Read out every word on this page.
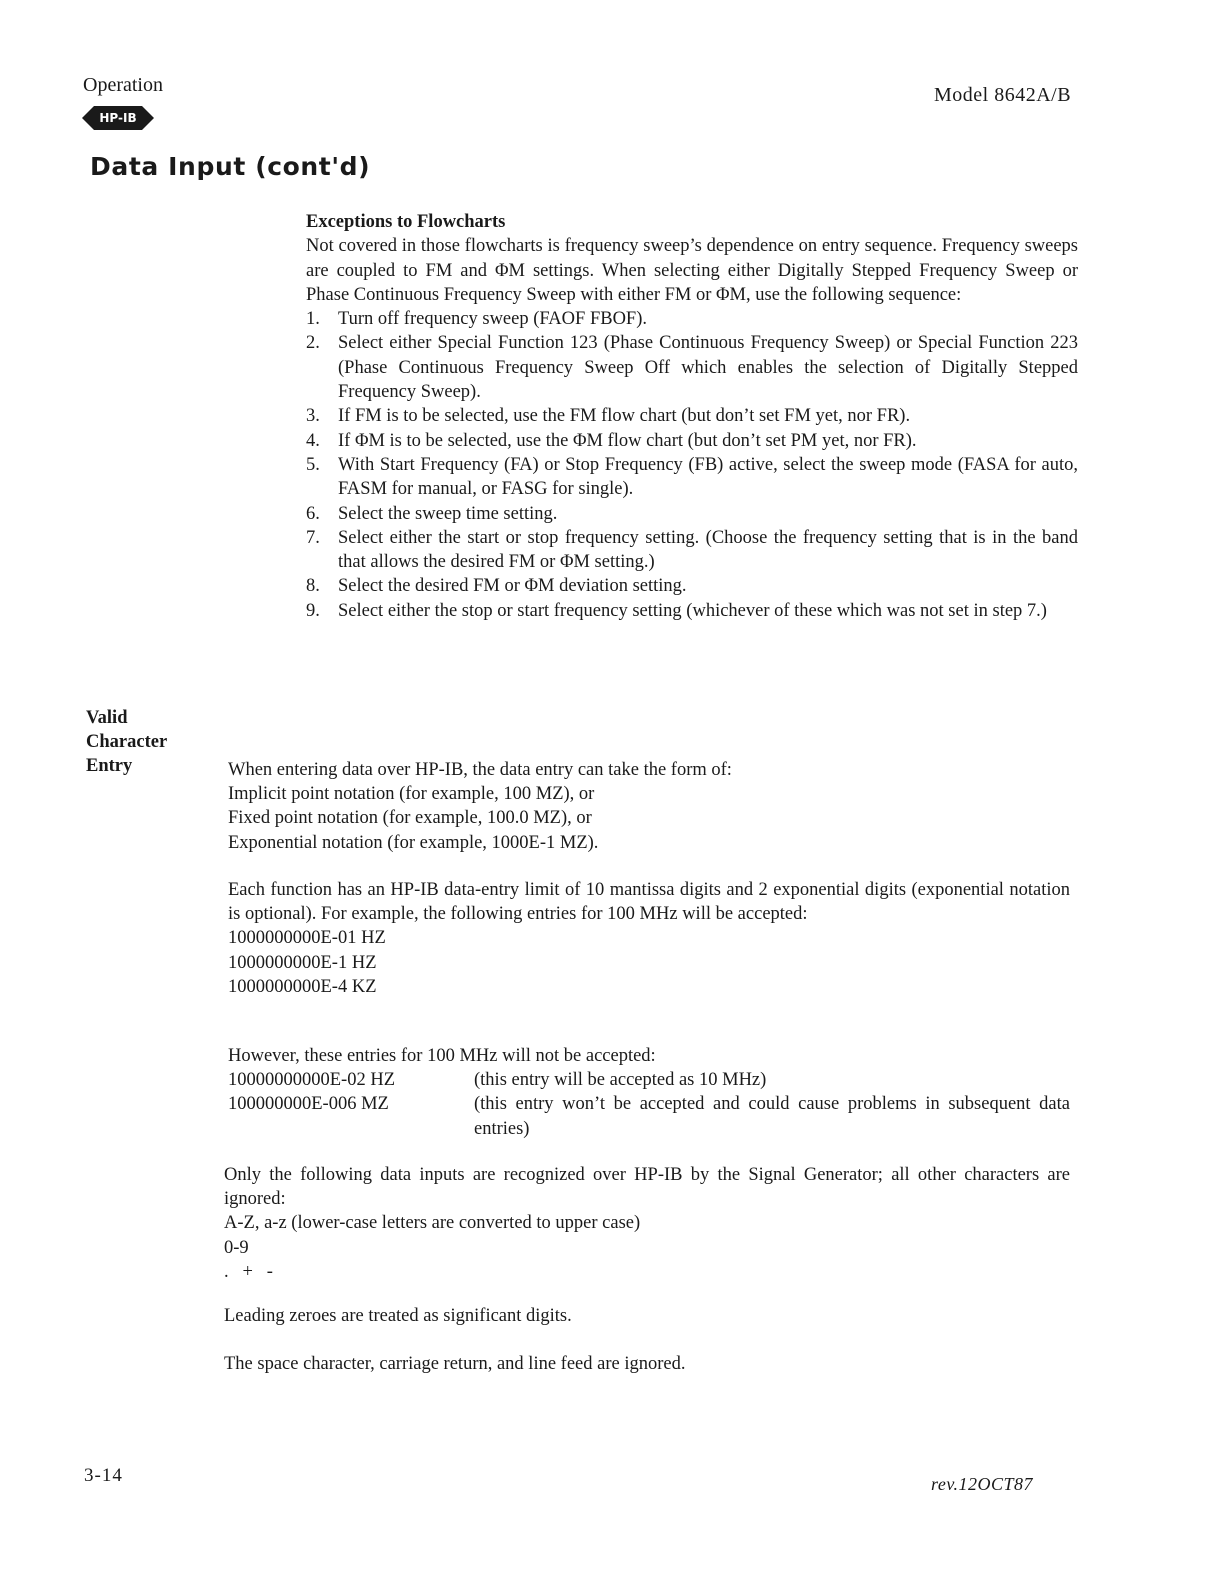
Operation	Model 8642A/B
HP-IB
Data Input (cont'd)
Exceptions to Flowcharts

Not covered in those flowcharts is frequency sweep’s dependence on entry sequence. Frequency sweeps are coupled to FM and ΦM settings. When selecting either Digitally Stepped Frequency Sweep or Phase Continuous Frequency Sweep with either FM or ΦM, use the following sequence:

1. Turn off frequency sweep (FAOF FBOF).
2. Select either Special Function 123 (Phase Continuous Frequency Sweep) or Special Function 223 (Phase Continuous Frequency Sweep Off which enables the selection of Digitally Stepped Frequency Sweep).
3. If FM is to be selected, use the FM flow chart (but don’t set FM yet, nor FR).
4. If ΦM is to be selected, use the ΦM flow chart (but don’t set PM yet, nor FR).
5. With Start Frequency (FA) or Stop Frequency (FB) active, select the sweep mode (FASA for auto, FASM for manual, or FASG for single).
6. Select the sweep time setting.
7. Select either the start or stop frequency setting. (Choose the frequency setting that is in the band that allows the desired FM or ΦM setting.)
8. Select the desired FM or ΦM deviation setting.
9. Select either the stop or start frequency setting (whichever of these which was not set in step 7.)
Valid
Character
Entry	When entering data over HP-IB, the data entry can take the form of:

Implicit point notation (for example, 100 MZ), or

Fixed point notation (for example, 100.0 MZ), or

Exponential notation (for example, 1000E-1 MZ).

Each function has an HP-IB data-entry limit of 10 mantissa digits and 2 exponential digits (exponential notation is optional). For example, the following entries for 100 MHz will be accepted:

1000000000E-01 HZ

1000000000E-1 HZ

1000000000E-4 KZ

However, these entries for 100 MHz will not be accepted:

10000000000E-02 HZ	(this entry will be accepted as 10 MHz)
100000000E-006 MZ	(this entry won’t be accepted and could cause problems in subsequent data entries)

Only the following data inputs are recognized over HP-IB by the Signal Generator; all other characters are ignored:

A-Z, a-z (lower-case letters are converted to upper case)

0-9

.   +   -

Leading zeroes are treated as significant digits.
The space character, carriage return, and line feed are ignored.
3-14	rev.12OCT87
